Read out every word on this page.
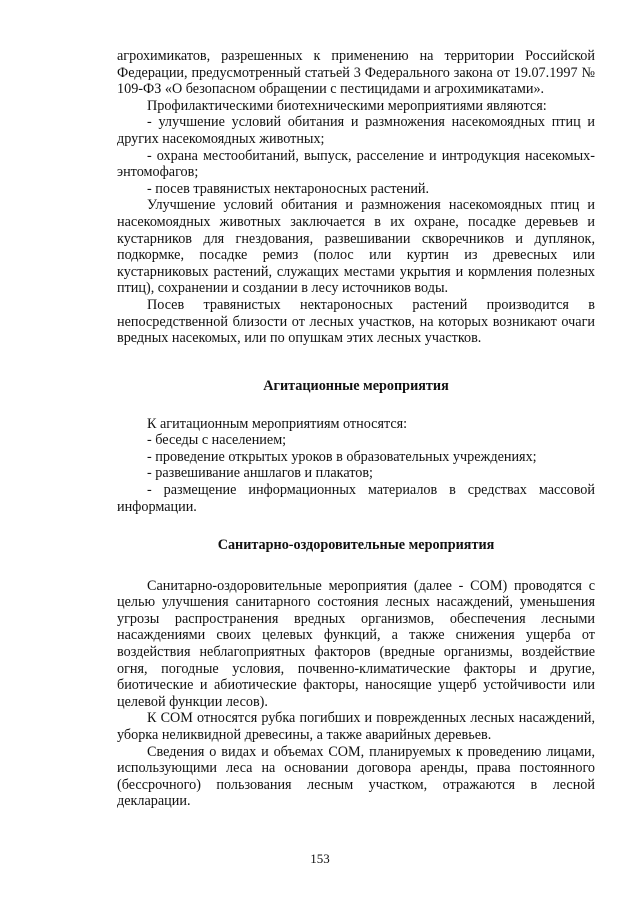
агрохимикатов, разрешенных к применению на территории Российской Федерации, предусмотренный статьей 3 Федерального закона от 19.07.1997 № 109-ФЗ «О безопасном обращении с пестицидами и агрохимикатами».

Профилактическими биотехническими мероприятиями являются:

- улучшение условий обитания и размножения насекомоядных птиц и других насекомоядных животных;

- охрана местообитаний, выпуск, расселение и интродукция насекомых-энтомофагов;

- посев травянистых нектароносных растений.

Улучшение условий обитания и размножения насекомоядных птиц и насекомоядных животных заключается в их охране, посадке деревьев и кустарников для гнездования, развешивании скворечников и дуплянок, подкормке, посадке ремиз (полос или куртин из древесных или кустарниковых растений, служащих местами укрытия и кормления полезных птиц), сохранении и создании в лесу источников воды.

Посев травянистых нектароносных растений производится в непосредственной близости от лесных участков, на которых возникают очаги вредных насекомых, или по опушкам этих лесных участков.

Агитационные мероприятия

К агитационным мероприятиям относятся:

- беседы с населением;

- проведение открытых уроков в образовательных учреждениях;

- развешивание аншлагов и плакатов;

- размещение информационных материалов в средствах массовой информации.

Санитарно-оздоровительные мероприятия

Санитарно-оздоровительные мероприятия (далее - СОМ) проводятся с целью улучшения санитарного состояния лесных насаждений, уменьшения угрозы распространения вредных организмов, обеспечения лесными насаждениями своих целевых функций, а также снижения ущерба от воздействия неблагоприятных факторов (вредные организмы, воздействие огня, погодные условия, почвенно-климатические факторы и другие, биотические и абиотические факторы, наносящие ущерб устойчивости или целевой функции лесов).

К СОМ относятся рубка погибших и поврежденных лесных насаждений, уборка неликвидной древесины, а также аварийных деревьев.

Сведения о видах и объемах СОМ, планируемых к проведению лицами, использующими леса на основании договора аренды, права постоянного (бессрочного) пользования лесным участком, отражаются в лесной декларации.

153
